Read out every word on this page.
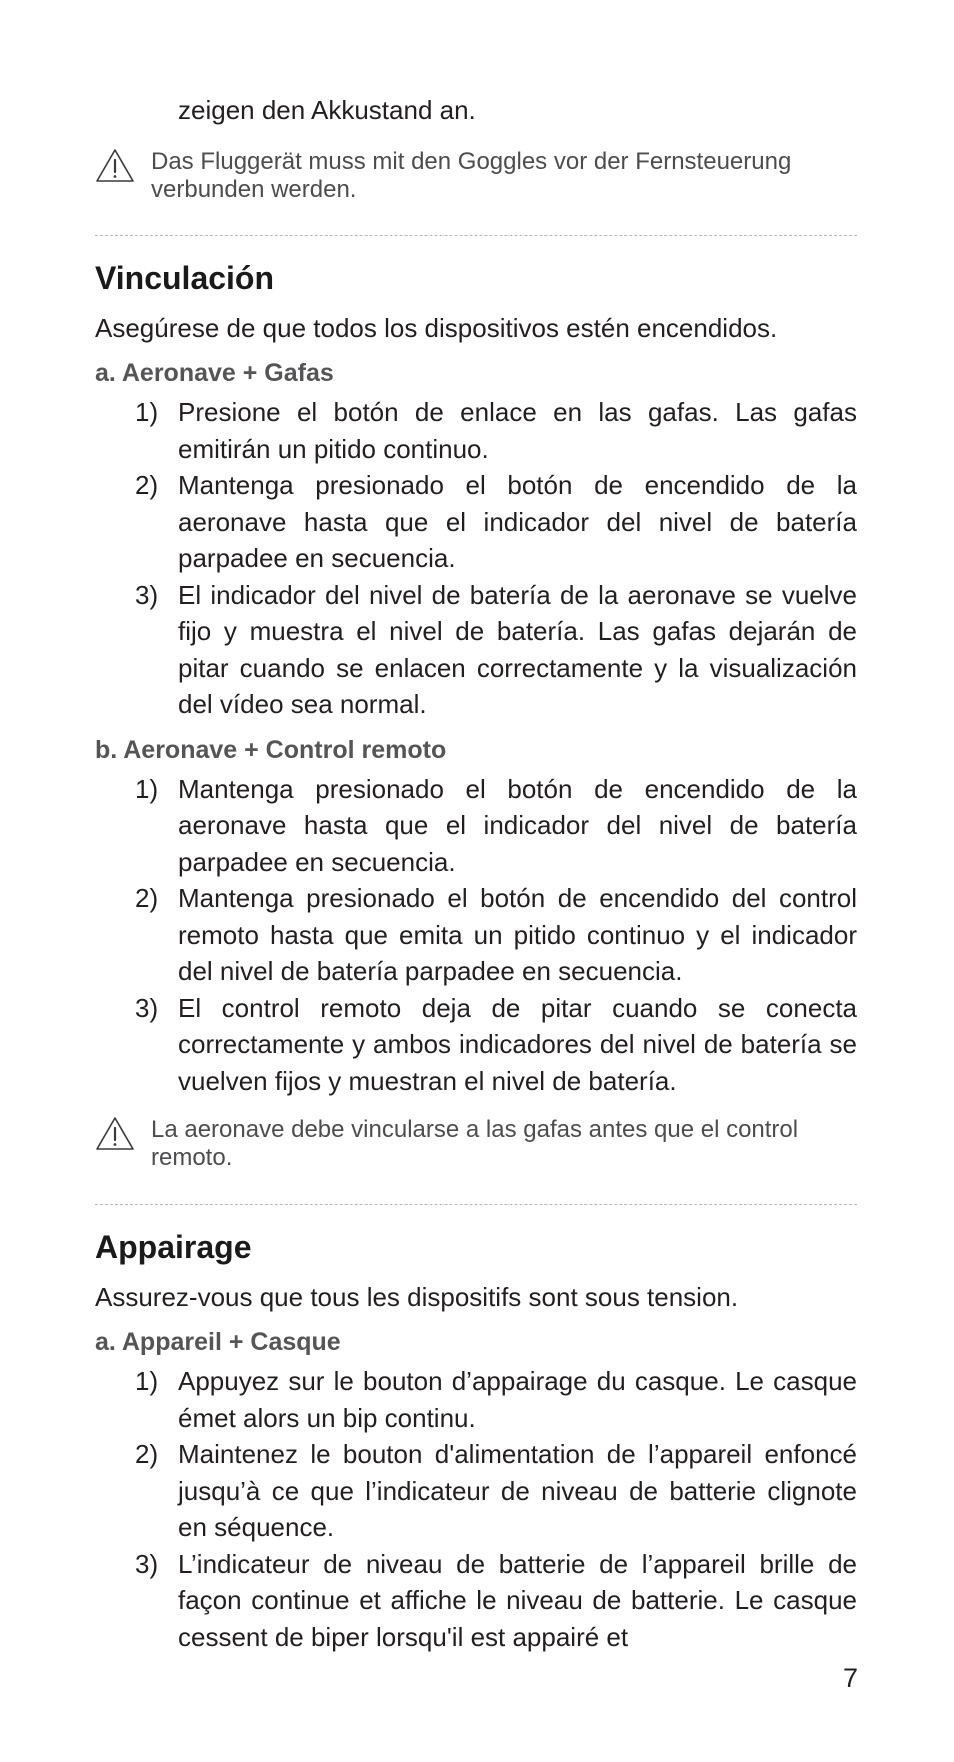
zeigen den Akkustand an.

Das Fluggerät muss mit den Goggles vor der Fernsteuerung verbunden werden.

Vinculación

Asegúrese de que todos los dispositivos estén encendidos.

a. Aeronave + Gafas

1) Presione el botón de enlace en las gafas. Las gafas emitirán un pitido continuo.
2) Mantenga presionado el botón de encendido de la aeronave hasta que el indicador del nivel de batería parpadee en secuencia.
3) El indicador del nivel de batería de la aeronave se vuelve fijo y muestra el nivel de batería. Las gafas dejarán de pitar cuando se enlacen correctamente y la visualización del vídeo sea normal.

b. Aeronave + Control remoto

1) Mantenga presionado el botón de encendido de la aeronave hasta que el indicador del nivel de batería parpadee en secuencia.
2) Mantenga presionado el botón de encendido del control remoto hasta que emita un pitido continuo y el indicador del nivel de batería parpadee en secuencia.
3) El control remoto deja de pitar cuando se conecta correctamente y ambos indicadores del nivel de batería se vuelven fijos y muestran el nivel de batería.

La aeronave debe vincularse a las gafas antes que el control remoto.

Appairage

Assurez-vous que tous les dispositifs sont sous tension.

a. Appareil + Casque

1) Appuyez sur le bouton d’appairage du casque. Le casque émet alors un bip continu.
2) Maintenez le bouton d'alimentation de l’appareil enfoncé jusqu’à ce que l’indicateur de niveau de batterie clignote en séquence.
3) L’indicateur de niveau de batterie de l’appareil brille de façon continue et affiche le niveau de batterie. Le casque cessent de biper lorsqu'il est appairé et
7
